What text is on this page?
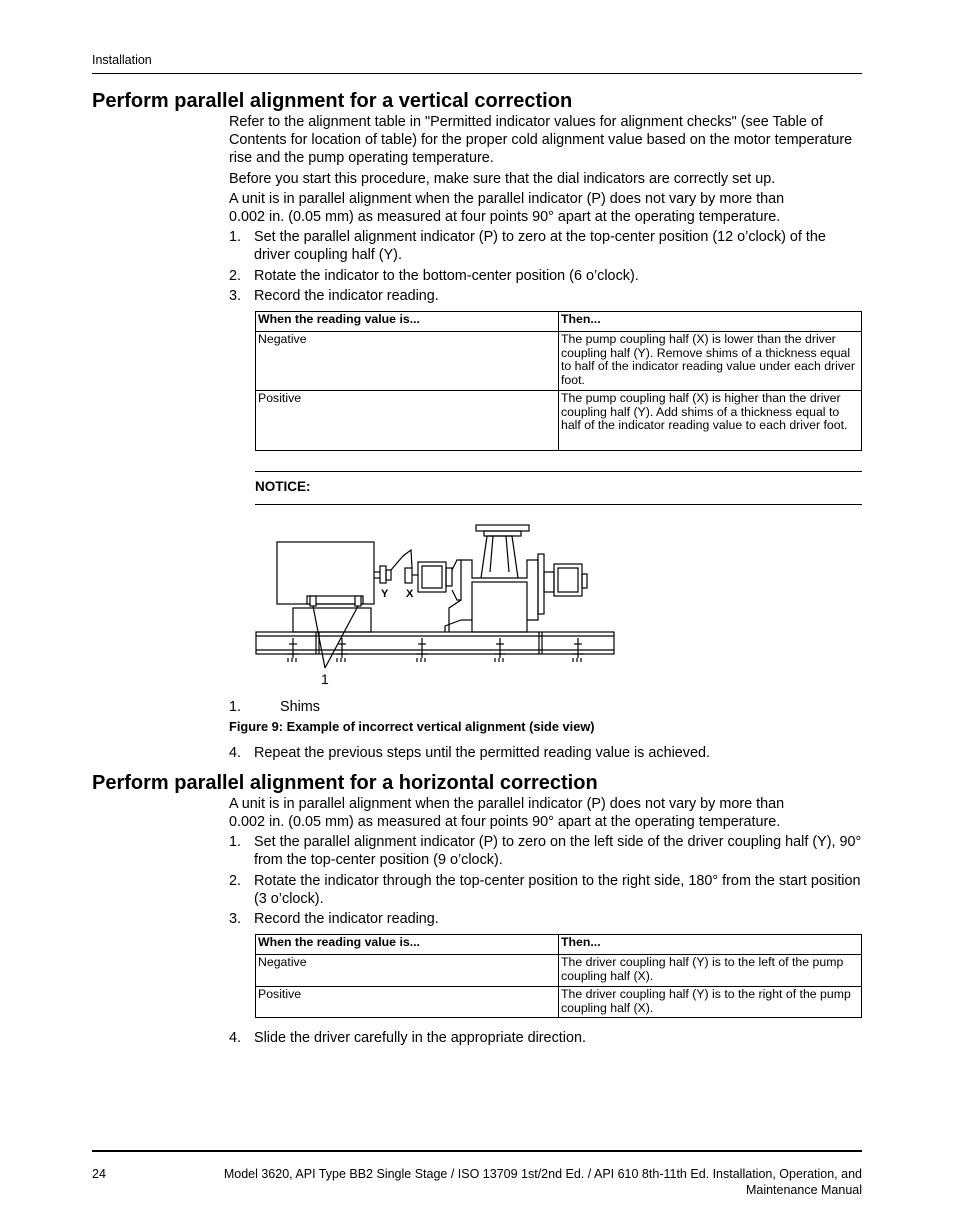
Installation
Perform parallel alignment for a vertical correction
Refer to the alignment table in "Permitted indicator values for alignment checks" (see Table of Contents for location of table) for the proper cold alignment value based on the motor temperature rise and the pump operating temperature.
Before you start this procedure, make sure that the dial indicators are correctly set up.
A unit is in parallel alignment when the parallel indicator (P) does not vary by more than 0.002 in. (0.05 mm) as measured at four points 90° apart at the operating temperature.
1. Set the parallel alignment indicator (P) to zero at the top-center position (12 o’clock) of the driver coupling half (Y).
2. Rotate the indicator to the bottom-center position (6 o’clock).
3. Record the indicator reading.
When the reading value is...	Then...
Negative	The pump coupling half (X) is lower than the driver coupling half (Y). Remove shims of a thickness equal to half of the indicator reading value under each driver foot.
Positive	The pump coupling half (X) is higher than the driver coupling half (Y). Add shims of a thickness equal to half of the indicator reading value to each driver foot.
NOTICE:
Y X
1
1.	Shims
Figure 9: Example of incorrect vertical alignment (side view)
4. Repeat the previous steps until the permitted reading value is achieved.
Perform parallel alignment for a horizontal correction
A unit is in parallel alignment when the parallel indicator (P) does not vary by more than 0.002 in. (0.05 mm) as measured at four points 90° apart at the operating temperature.
1. Set the parallel alignment indicator (P) to zero on the left side of the driver coupling half (Y), 90° from the top-center position (9 o’clock).
2. Rotate the indicator through the top-center position to the right side, 180° from the start position (3 o’clock).
3. Record the indicator reading.
When the reading value is...	Then...
Negative	The driver coupling half (Y) is to the left of the pump coupling half (X).
Positive	The driver coupling half (Y) is to the right of the pump coupling half (X).
4. Slide the driver carefully in the appropriate direction.
24	Model 3620, API Type BB2 Single Stage / ISO 13709 1st/2nd Ed. / API 610 8th-11th Ed. Installation, Operation, and
Maintenance Manual
